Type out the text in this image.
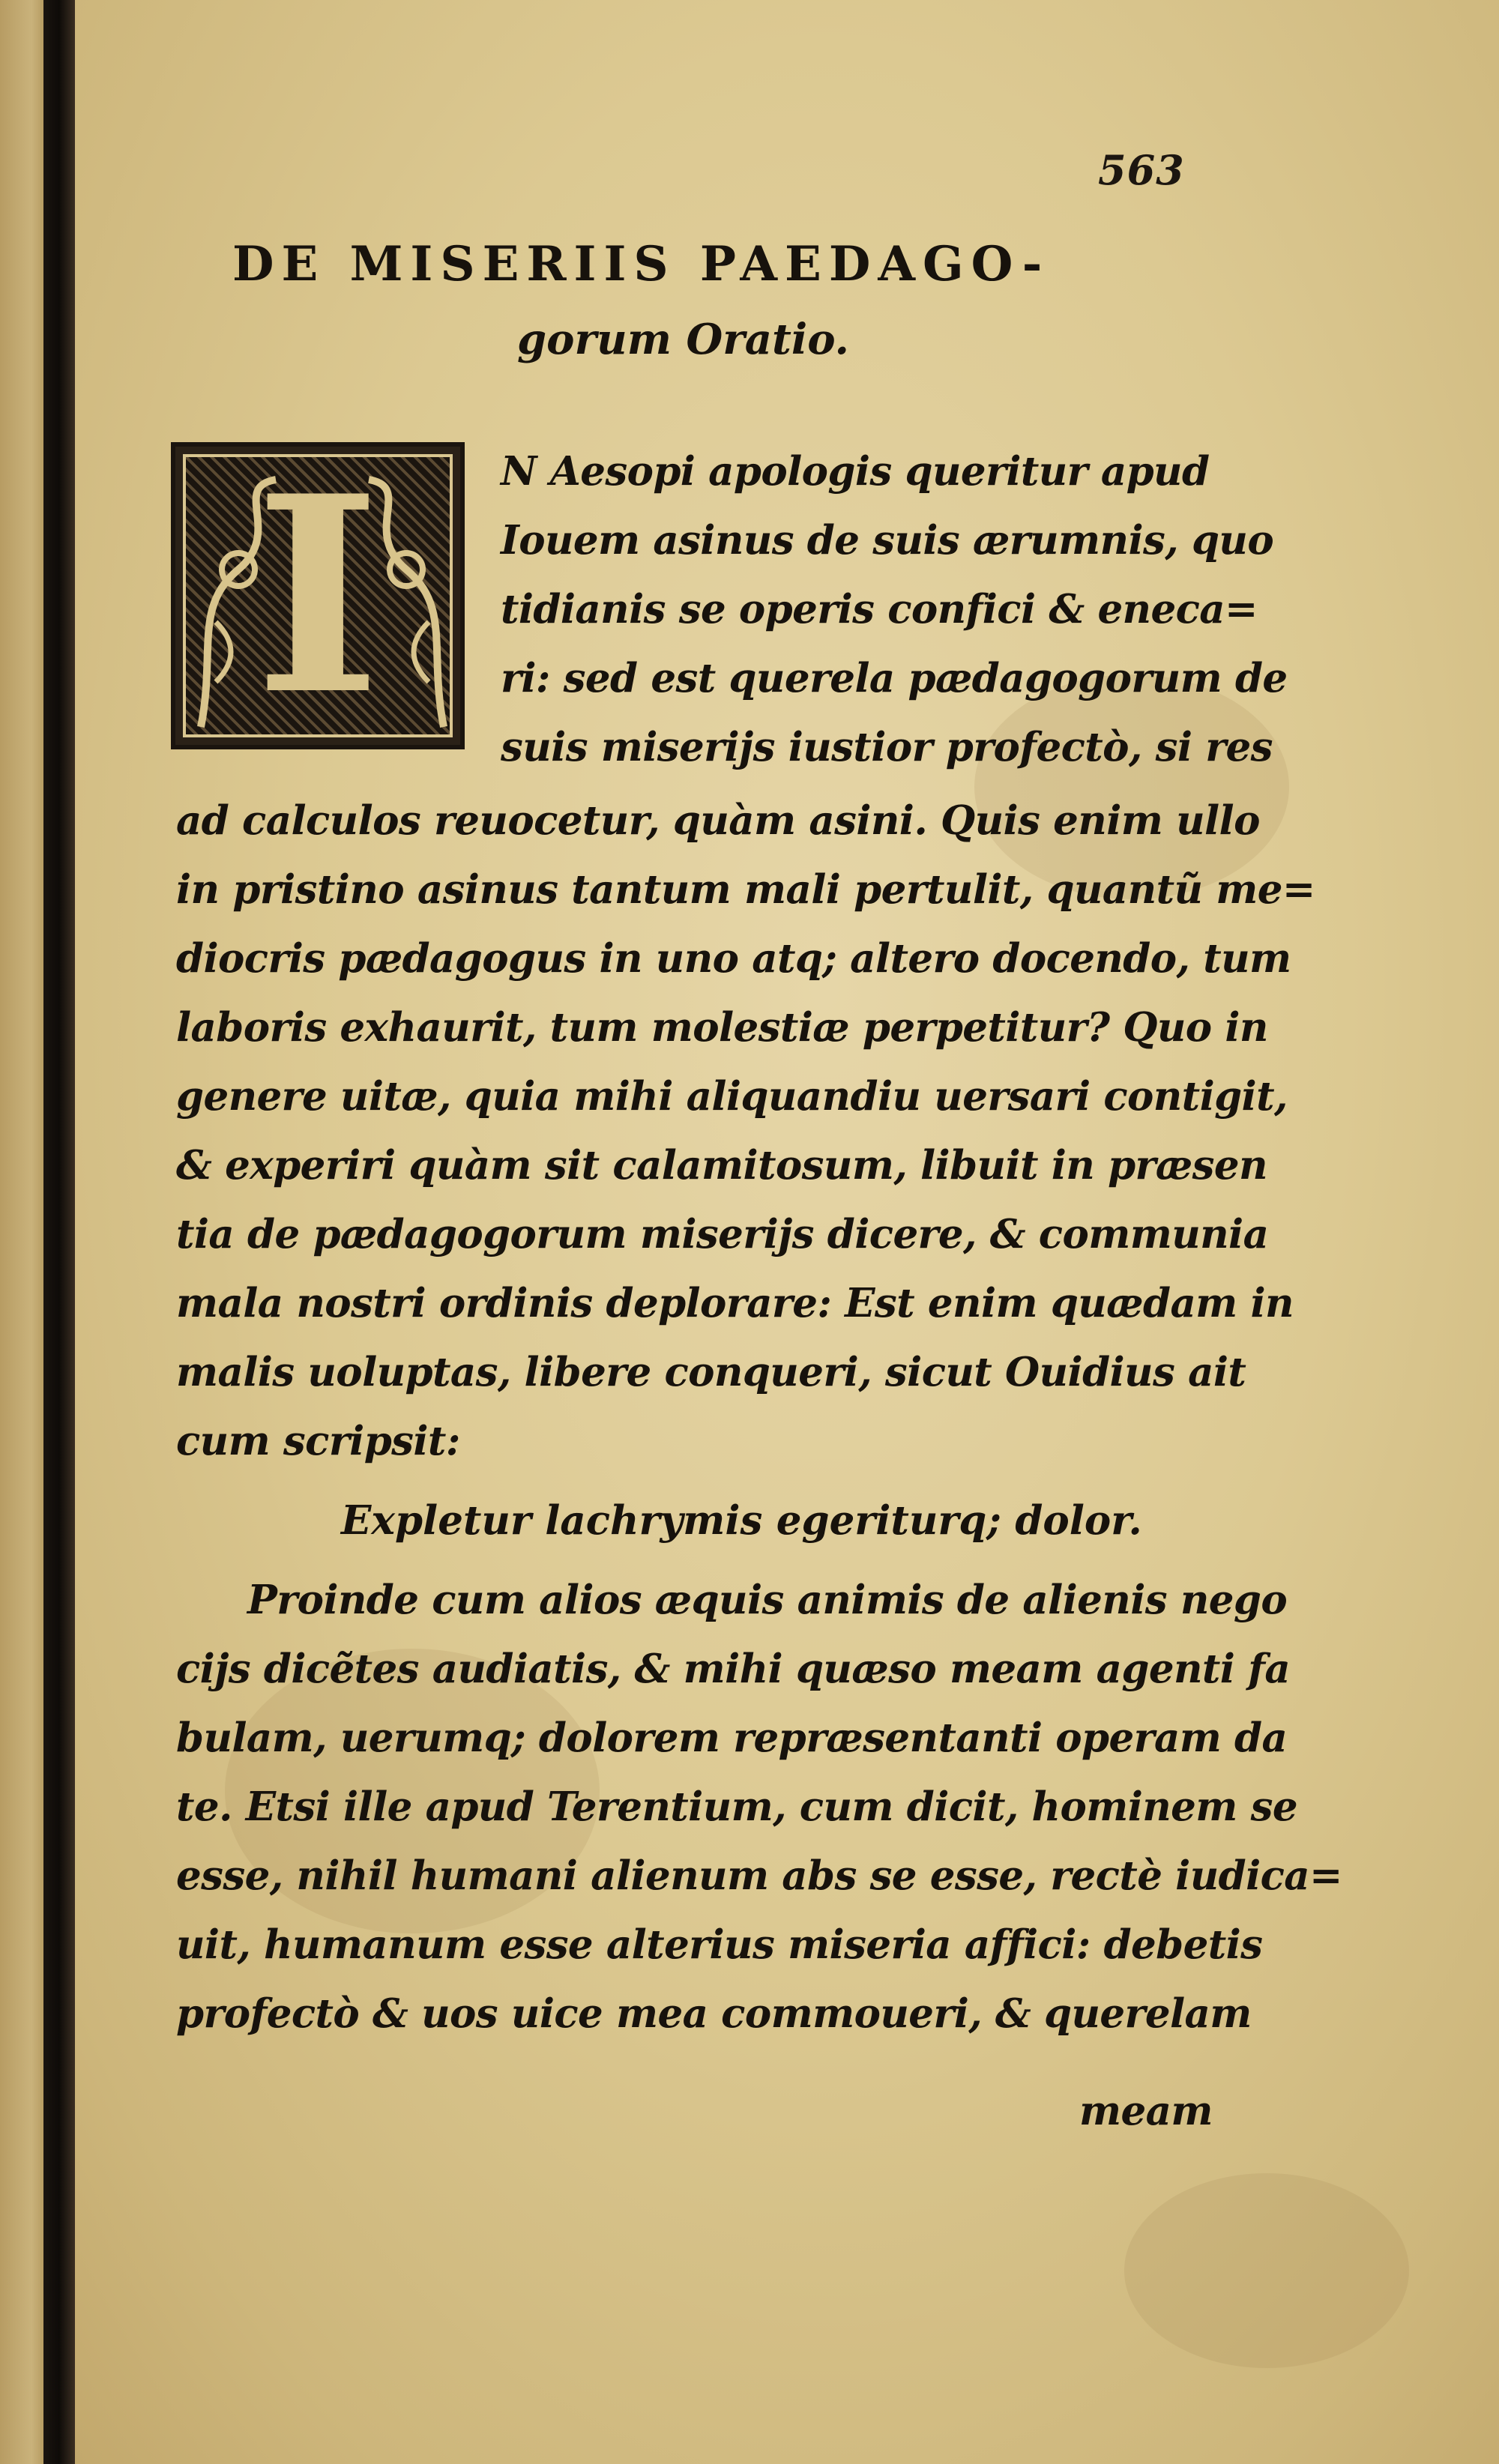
563
DE MISERIIS PAEDAGO-
gorum Oratio.
I	N Aesopi apologis queritur apud
Iouem asinus de suis ærumnis, quo
tidianis se operis confici & eneca=
ri: sed est querela pædagogorum de
suis miserijs iustior profectò, si res
ad calculos reuocetur, quàm asini. Quis enim ullo
in pristino asinus tantum mali pertulit, quantũ me=
diocris pædagogus in uno atq; altero docendo, tum
laboris exhaurit, tum molestiæ perpetitur? Quo in
genere uitæ, quia mihi aliquandiu uersari contigit,
& experiri quàm sit calamitosum, libuit in præsen
tia de pædagogorum miserijs dicere, & communia
mala nostri ordinis deplorare: Est enim quædam in
malis uoluptas, libere conqueri, sicut Ouidius ait
cum scripsit:
Expletur lachrymis egeriturq; dolor.
Proinde cum alios æquis animis de alienis nego
cijs dicẽtes audiatis, & mihi quæso meam agenti fa
bulam, uerumq; dolorem repræsentanti operam da
te. Etsi ille apud Terentium, cum dicit, hominem se
esse, nihil humani alienum abs se esse, rectè iudica=
uit, humanum esse alterius miseria affici: debetis
profectò & uos uice mea commoueri, & querelam
meam
